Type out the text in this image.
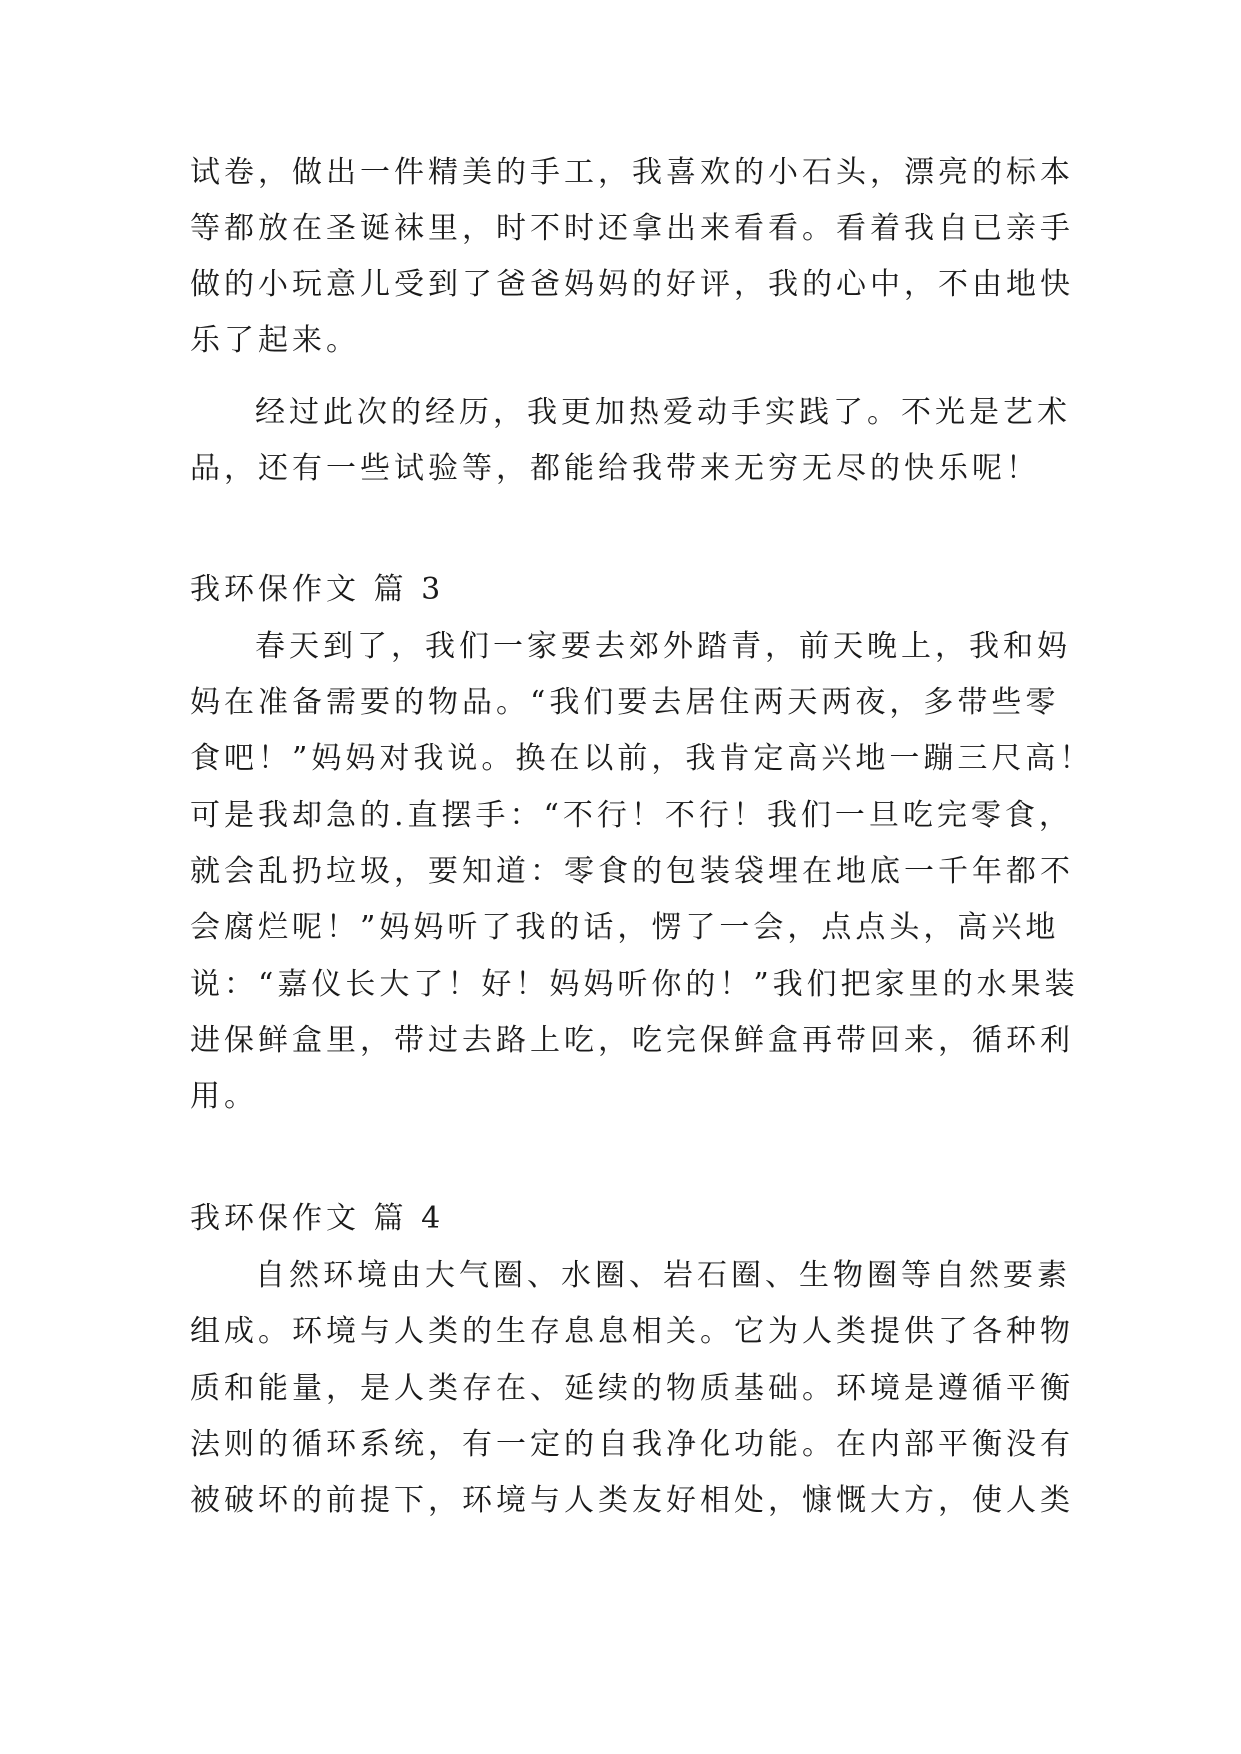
试卷，做出一件精美的手工，我喜欢的小石头，漂亮的标本
等都放在圣诞袜里，时不时还拿出来看看。看着我自已亲手
做的小玩意儿受到了爸爸妈妈的好评，我的心中，不由地快
乐了起来。
经过此次的经历，我更加热爱动手实践了。不光是艺术
品，还有一些试验等，都能给我带来无穷无尽的快乐呢！
我环保作文 篇 3
春天到了，我们一家要去郊外踏青，前天晚上，我和妈
妈在准备需要的物品。“我们要去居住两天两夜，多带些零
食吧！”妈妈对我说。换在以前，我肯定高兴地一蹦三尺高！
可是我却急的.直摆手：“不行！不行！我们一旦吃完零食，
就会乱扔垃圾，要知道：零食的包装袋埋在地底一千年都不
会腐烂呢！”妈妈听了我的话，愣了一会，点点头，高兴地
说：“嘉仪长大了！好！妈妈听你的！”我们把家里的水果装
进保鲜盒里，带过去路上吃，吃完保鲜盒再带回来，循环利
用。
我环保作文 篇 4
自然环境由大气圈、水圈、岩石圈、生物圈等自然要素
组成。环境与人类的生存息息相关。它为人类提供了各种物
质和能量，是人类存在、延续的物质基础。环境是遵循平衡
法则的循环系统，有一定的自我净化功能。在内部平衡没有
被破坏的前提下，环境与人类友好相处，慷慨大方，使人类
